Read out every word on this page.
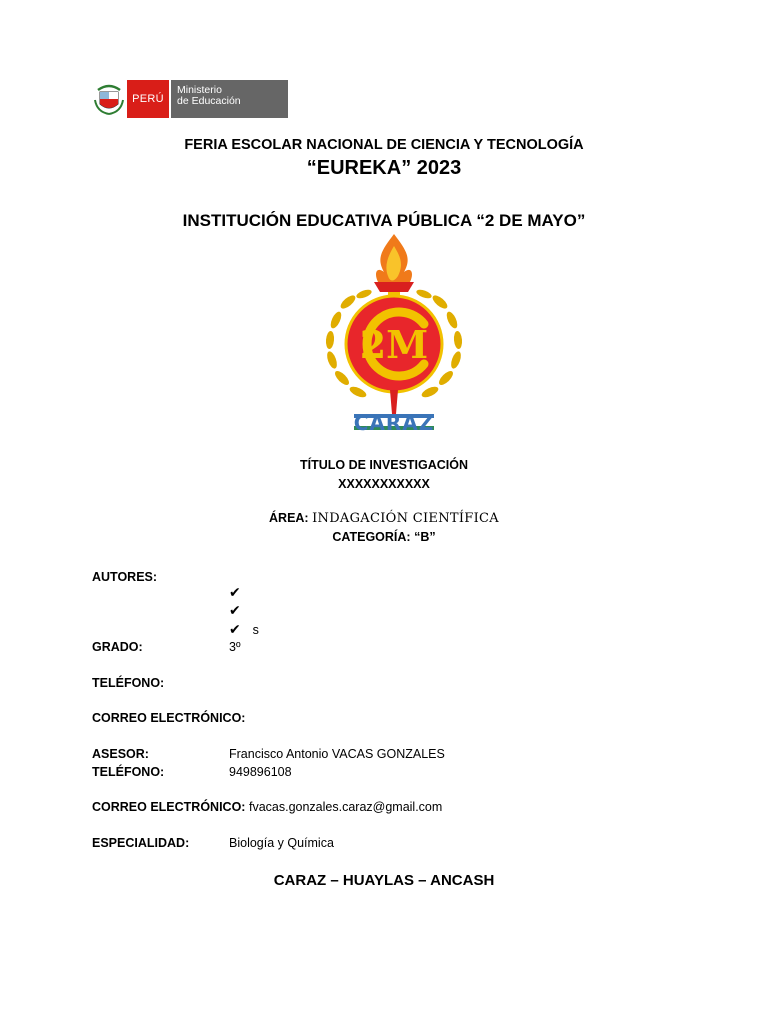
PERÚ
Ministerio
de Educación
FERIA ESCOLAR NACIONAL DE CIENCIA Y TECNOLOGÍA
“EUREKA” 2023
INSTITUCIÓN EDUCATIVA PÚBLICA “2 DE MAYO”
2M
CARAZ
TÍTULO DE INVESTIGACIÓN
XXXXXXXXXXX
ÁREA: INDAGACIÓN CIENTÍFICA
CATEGORÍA: “B”
AUTORES:
✔
✔
✔ s
GRADO:	3º
TELÉFONO:
CORREO ELECTRÓNICO:
ASESOR:	Francisco Antonio VACAS GONZALES
TELÉFONO:	949896108
CORREO ELECTRÓNICO: fvacas.gonzales.caraz@gmail.com
ESPECIALIDAD:	Biología y Química
CARAZ – HUAYLAS – ANCASH
